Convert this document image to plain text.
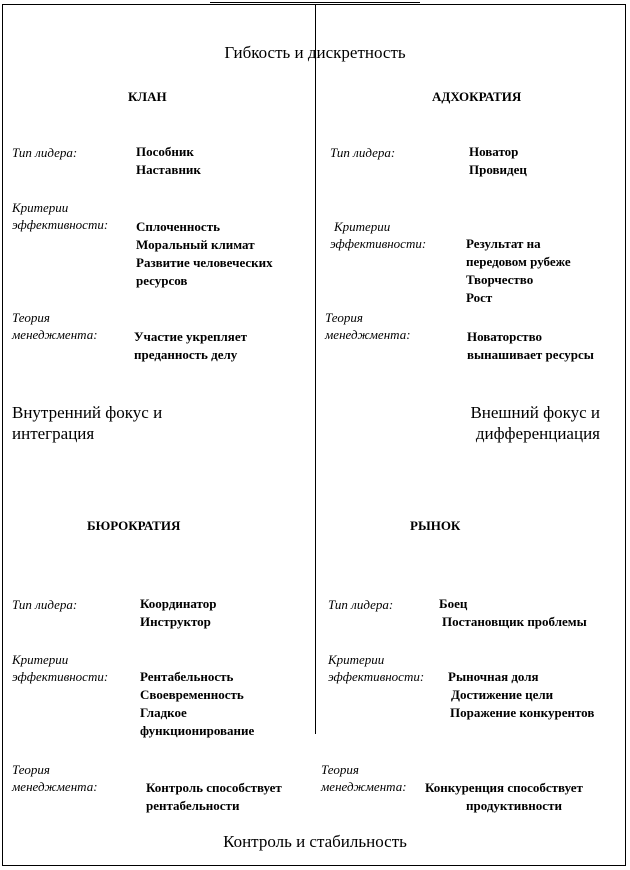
Гибкость и дискретность
Контроль и стабильность
Внутренний фокус и
интеграция
Внешний фокус и
дифференциация
КЛАН
Тип лидера:	Пособник
Наставник
Критерии
эффективности: Сплоченность
Моральный климат
Развитие человеческих
ресурсов
Теория
менеджмента:	Участие укрепляет
преданность делу
АДХОКРАТИЯ
Тип лидера:	Новатор
Провидец
Критерии
эффективности:	Результат на
передовом рубеже
Творчество
Рост
Теория
менеджмента:	Новаторство
вынашивает ресурсы
БЮРОКРАТИЯ
Тип лидера:	Координатор
Инструктор
Критерии
эффективности: Рентабельность
Своевременность
Гладкое
функционирование
Теория
менеджмента:	Контроль способствует
рентабельности
РЫНОК
Тип лидера:	Боец
Постановщик проблемы
Критерии
эффективности: Рыночная доля
Достижение цели
Поражение конкурентов
Теория
менеджмента: Конкуренция способствует
продуктивности
